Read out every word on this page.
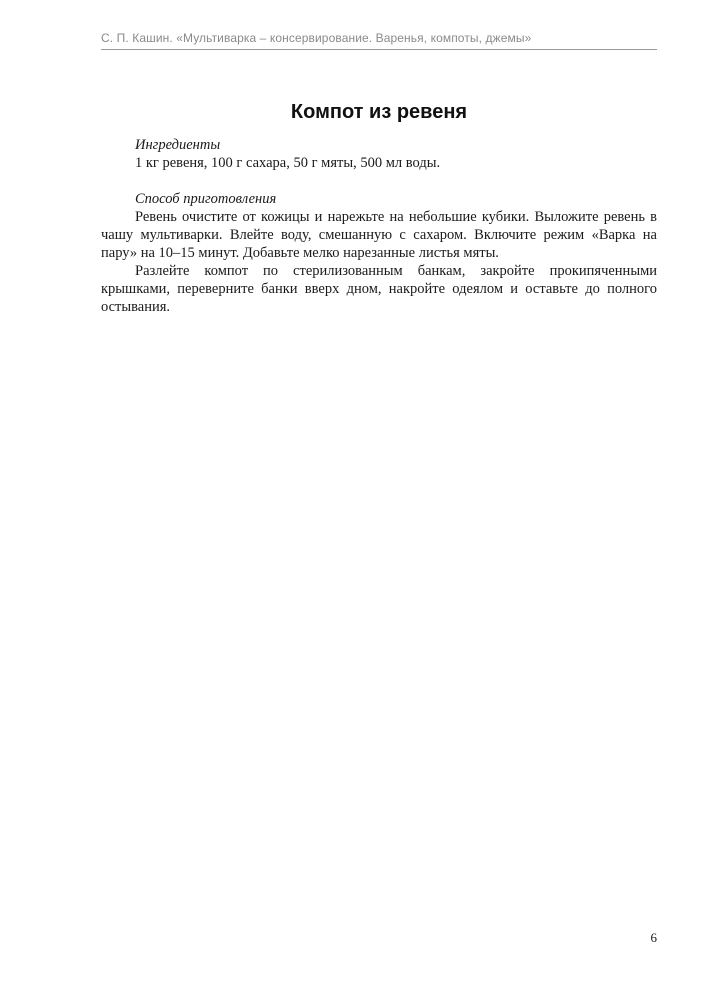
С. П. Кашин. «Мультиварка – консервирование. Варенья, компоты, джемы»
Компот из ревеня

Ингредиенты

1 кг ревеня, 100 г сахара, 50 г мяты, 500 мл воды.

Способ приготовления

Ревень очистите от кожицы и нарежьте на небольшие кубики. Выложите ревень в чашу мультиварки. Влейте воду, смешанную с сахаром. Включите режим «Варка на пару» на 10–15 минут. Добавьте мелко нарезанные листья мяты.

Разлейте компот по стерилизованным банкам, закройте прокипяченными крышками, переверните банки вверх дном, накройте одеялом и оставьте до полного остывания.

6
